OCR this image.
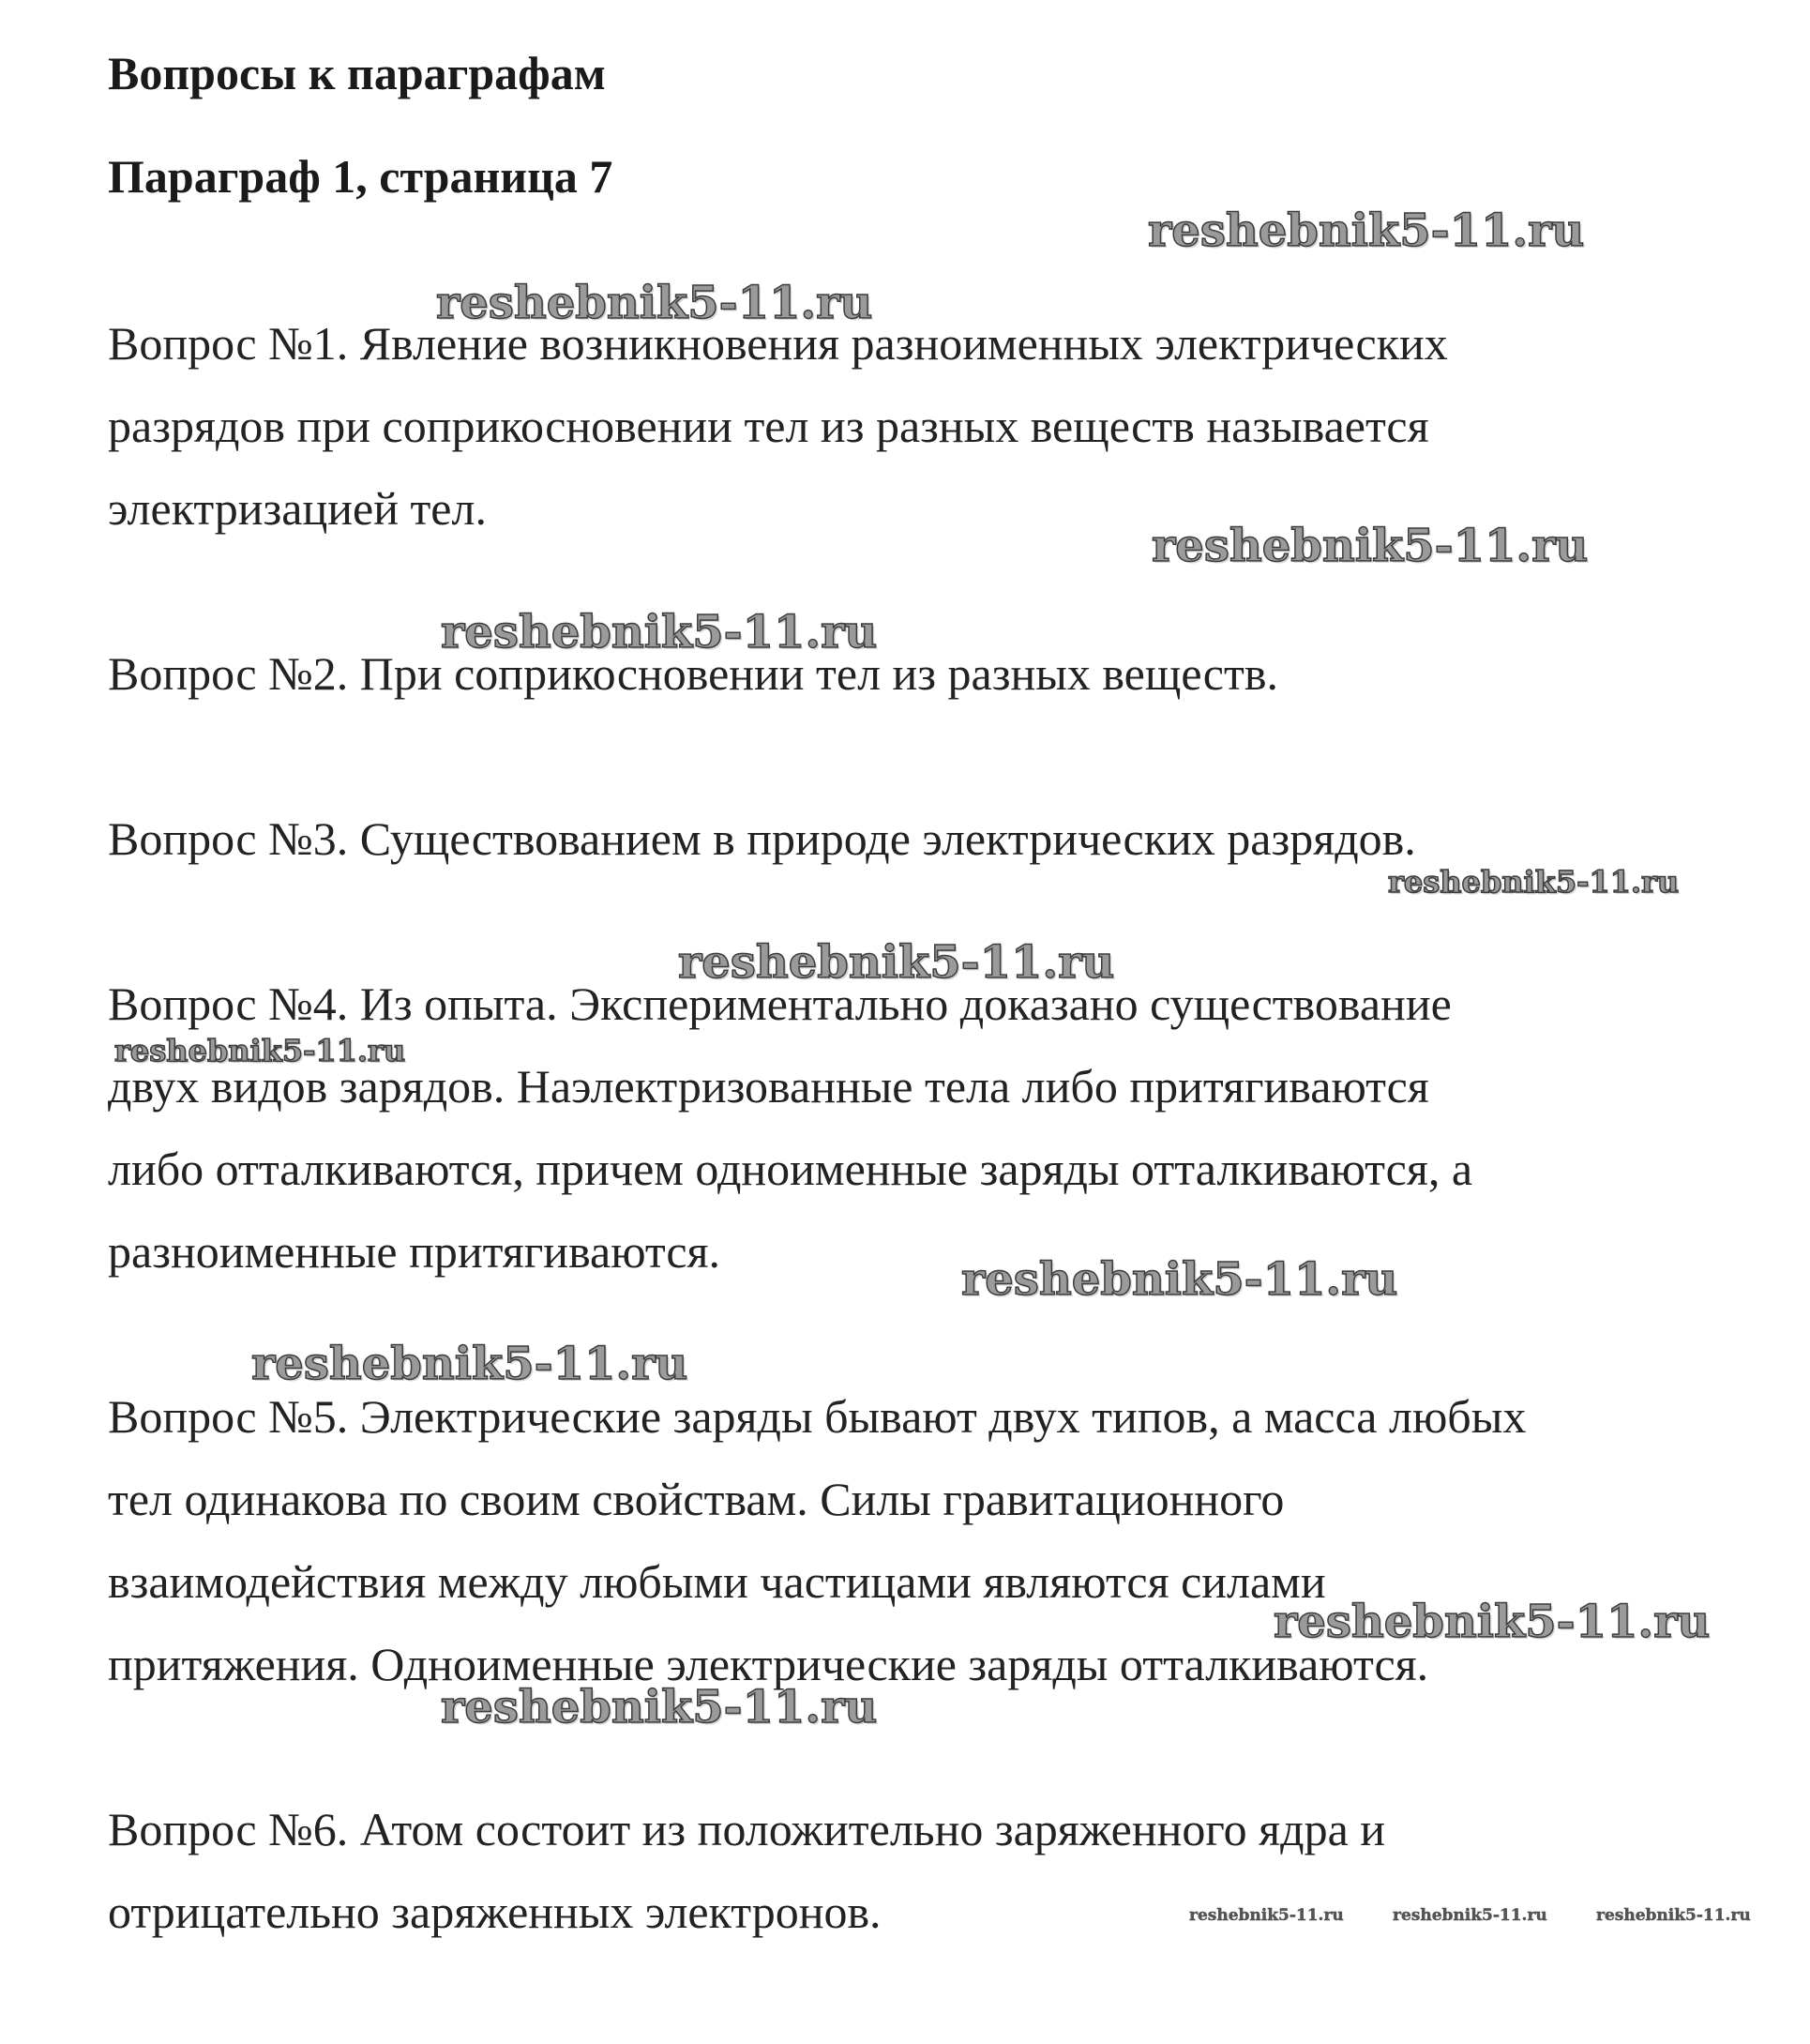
Вопросы к параграфам
Параграф 1, страница 7
Вопрос №1. Явление возникновения разноименных электрических
разрядов при соприкосновении тел из разных веществ называется
электризацией тел.
Вопрос №2. При соприкосновении тел из разных веществ.
Вопрос №3. Существованием в природе электрических разрядов.
Вопрос №4. Из опыта. Экспериментально доказано существование
двух видов зарядов. Наэлектризованные тела либо притягиваются
либо отталкиваются, причем одноименные заряды отталкиваются, а
разноименные притягиваются.
Вопрос №5. Электрические заряды бывают двух типов, а масса любых
тел одинакова по своим свойствам. Силы гравитационного
взаимодействия между любыми частицами являются силами
притяжения. Одноименные электрические заряды отталкиваются.
Вопрос №6. Атом состоит из положительно заряженного ядра и
отрицательно заряженных электронов.
reshebnik5-11.ru
reshebnik5-11.ru
reshebnik5-11.ru
reshebnik5-11.ru
reshebnik5-11.ru
reshebnik5-11.ru
reshebnik5-11.ru
reshebnik5-11.ru
reshebnik5-11.ru
reshebnik5-11.ru
reshebnik5-11.ru
reshebnik5-11.ru	reshebnik5-11.ru	reshebnik5-11.ru
